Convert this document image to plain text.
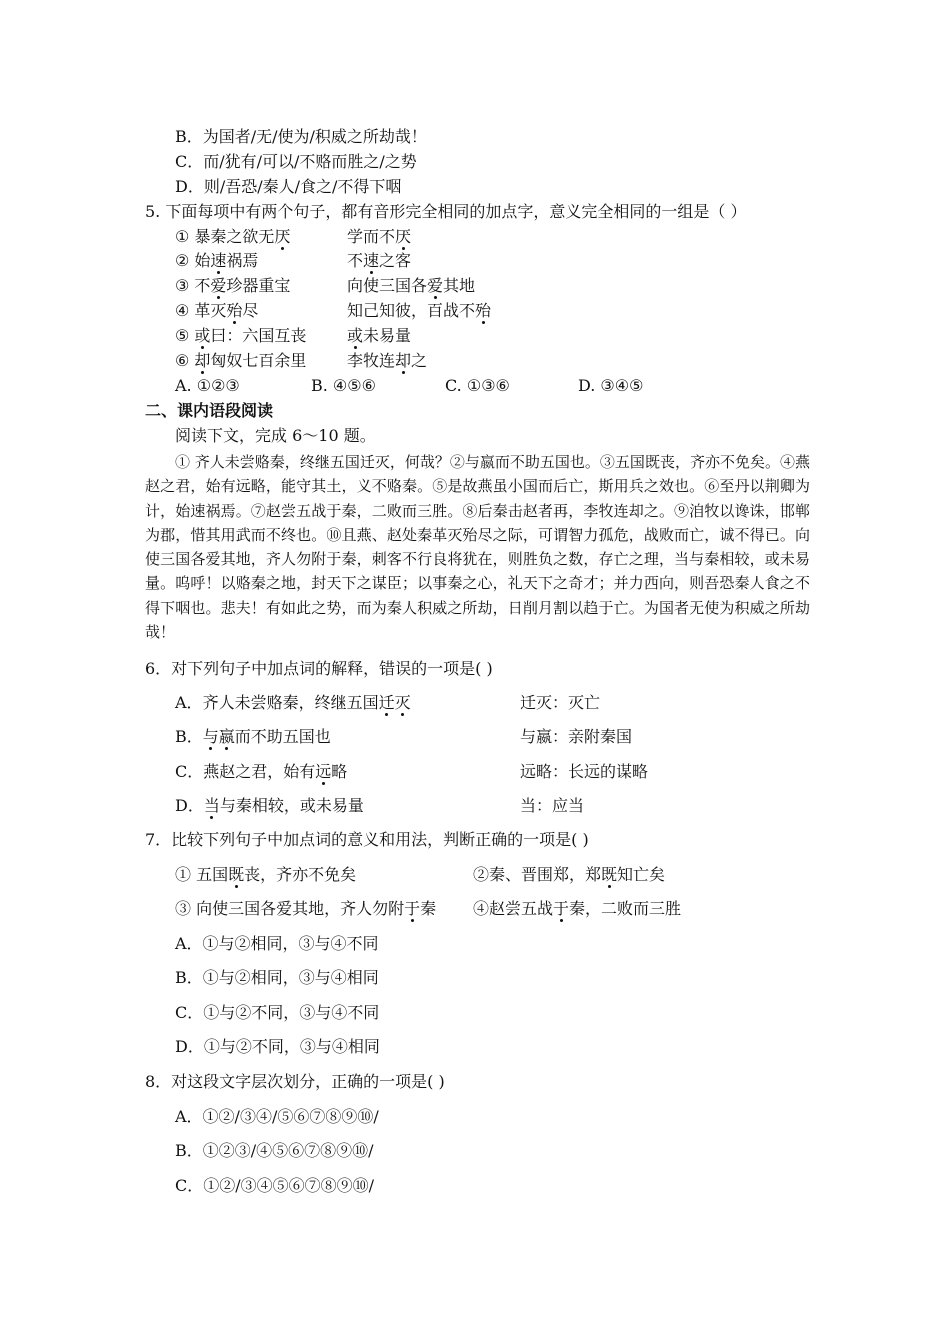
B．为国者/无/使为/积威之所劫哉！
C．而/犹有/可以/不赂而胜之/之势
D．则/吾恐/秦人/食之/不得下咽
5. 下面每项中有两个句子，都有音形完全相同的加点字，意义完全相同的一组是（ ）
① 暴秦之欲无厌	学而不厌
② 始速祸焉	不速之客
③ 不爱珍器重宝	向使三国各爱其地
④ 革灭殆尽	知己知彼，百战不殆
⑤ 或曰：六国互丧	或未易量
⑥ 却匈奴七百余里	李牧连却之
A. ①②③	B. ④⑤⑥	C. ①③⑥	D. ③④⑤
二、课内语段阅读
阅读下文，完成 6～10 题。
① 齐人未尝赂秦，终继五国迁灭，何哉？②与嬴而不助五国也。③五国既丧，齐亦不免矣。④燕赵之君，始有远略，能守其土，义不赂秦。⑤是故燕虽小国而后亡，斯用兵之效也。⑥至丹以荆卿为计，始速祸焉。⑦赵尝五战于秦，二败而三胜。⑧后秦击赵者再，李牧连却之。⑨洎牧以谗诛，邯郸为郡，惜其用武而不终也。⑩且燕、赵处秦革灭殆尽之际，可谓智力孤危，战败而亡，诚不得已。向使三国各爱其地，齐人勿附于秦，刺客不行良将犹在，则胜负之数，存亡之理，当与秦相较，或未易量。呜呼！以赂秦之地，封天下之谋臣；以事秦之心，礼天下之奇才；并力西向，则吾恐秦人食之不得下咽也。悲夫！有如此之势，而为秦人积威之所劫，日削月割以趋于亡。为国者无使为积威之所劫哉！
6．对下列句子中加点词的解释，错误的一项是( )
A．齐人未尝赂秦，终继五国迁灭	迁灭：灭亡
B．与嬴而不助五国也	与嬴：亲附秦国
C．燕赵之君，始有远略	远略：长远的谋略
D．当与秦相较，或未易量	当：应当
7．比较下列句子中加点词的意义和用法，判断正确的一项是( )
① 五国既丧，齐亦不免矣	②秦、晋围郑，郑既知亡矣
③ 向使三国各爱其地，齐人勿附于秦 ④赵尝五战于秦，二败而三胜
A．①与②相同，③与④不同
B．①与②相同，③与④相同
C．①与②不同，③与④不同
D．①与②不同，③与④相同
8．对这段文字层次划分，正确的一项是( )
A．①②/③④/⑤⑥⑦⑧⑨⑩/
B．①②③/④⑤⑥⑦⑧⑨⑩/
C．①②/③④⑤⑥⑦⑧⑨⑩/
